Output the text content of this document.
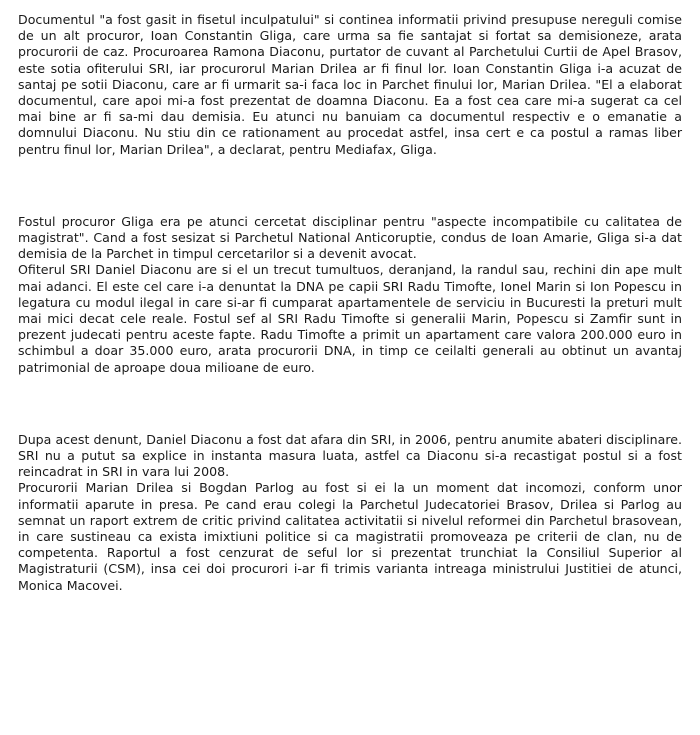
Documentul "a fost gasit in fisetul inculpatului" si continea informatii privind presupuse nereguli comise de un alt procuror, Ioan Constantin Gliga, care urma sa fie santajat si fortat sa demisioneze, arata procurorii de caz. Procuroarea Ramona Diaconu, purtator de cuvant al Parchetului Curtii de Apel Brasov, este sotia ofiterului SRI, iar procurorul Marian Drilea ar fi finul lor. Ioan Constantin Gliga i-a acuzat de santaj pe sotii Diaconu, care ar fi urmarit sa-i faca loc in Parchet finului lor, Marian Drilea. "El a elaborat documentul, care apoi mi-a fost prezentat de doamna Diaconu. Ea a fost cea care mi-a sugerat ca cel mai bine ar fi sa-mi dau demisia. Eu atunci nu banuiam ca documentul respectiv e o emanatie a domnului Diaconu. Nu stiu din ce rationament au procedat astfel, insa cert e ca postul a ramas liber pentru finul lor, Marian Drilea", a declarat, pentru Mediafax, Gliga.

Fostul procuror Gliga era pe atunci cercetat disciplinar pentru "aspecte incompatibile cu calitatea de magistrat". Cand a fost sesizat si Parchetul National Anticoruptie, condus de Ioan Amarie, Gliga si-a dat demisia de la Parchet in timpul cercetarilor si a devenit avocat.

Ofiterul SRI Daniel Diaconu are si el un trecut tumultuos, deranjand, la randul sau, rechini din ape mult mai adanci. El este cel care i-a denuntat la DNA pe capii SRI Radu Timofte, Ionel Marin si Ion Popescu in legatura cu modul ilegal in care si-ar fi cumparat apartamentele de serviciu in Bucuresti la preturi mult mai mici decat cele reale. Fostul sef al SRI Radu Timofte si generalii Marin, Popescu si Zamfir sunt in prezent judecati pentru aceste fapte. Radu Timofte a primit un apartament care valora 200.000 euro in schimbul a doar 35.000 euro, arata procurorii DNA, in timp ce ceilalti generali au obtinut un avantaj patrimonial de aproape doua milioane de euro.

Dupa acest denunt, Daniel Diaconu a fost dat afara din SRI, in 2006, pentru anumite abateri disciplinare. SRI nu a putut sa explice in instanta masura luata, astfel ca Diaconu si-a recastigat postul si a fost reincadrat in SRI in vara lui 2008.

Procurorii Marian Drilea si Bogdan Parlog au fost si ei la un moment dat incomozi, conform unor informatii aparute in presa. Pe cand erau colegi la Parchetul Judecatoriei Brasov, Drilea si Parlog au semnat un raport extrem de critic privind calitatea activitatii si nivelul reformei din Parchetul brasovean, in care sustineau ca exista imixtiuni politice si ca magistratii promoveaza pe criterii de clan, nu de competenta. Raportul a fost cenzurat de seful lor si prezentat trunchiat la Consiliul Superior al Magistraturii (CSM), insa cei doi procurori i-ar fi trimis varianta intreaga ministrului Justitiei de atunci, Monica Macovei.
